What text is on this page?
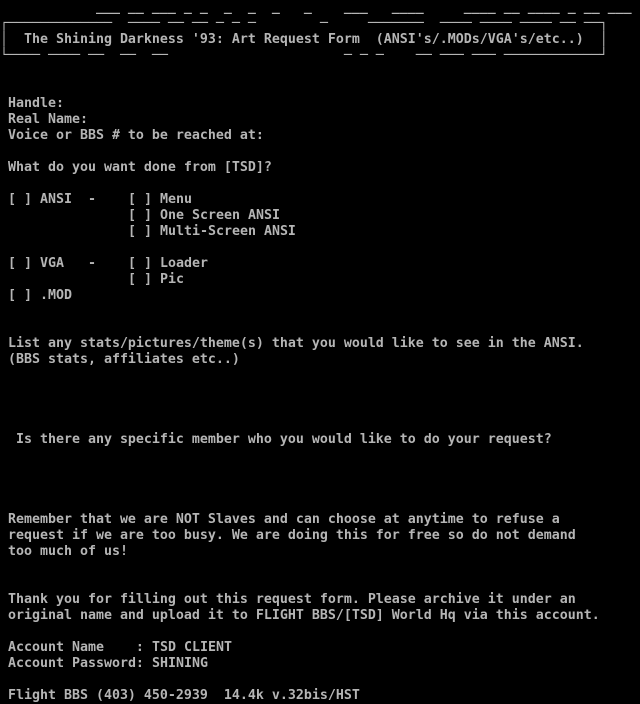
___ __ ___ _ _  _  _  _   _    ___   ____     ____ __ ____ _ __ ___
┌─────────────  ──── ── ── ─ ─ ─        ─     ───────  ──── ──── ──── ── ──┐
│  The Shining Darkness '93: Art Request Form  (ANSI's/.MODs/VGA's/etc..)  │
└──── ──── ──  ──  ──                      ─ ─ ─    ── ─── ─── ────────────┘
Handle:
Real Name:
Voice or BBS # to be reached at:
What do you want done from [TSD]?

[ ]

ANSI

-

[ ]

Menu

[ ]

One Screen ANSI

[ ]

Multi-Screen ANSI

[ ]

VGA

-

[ ]

Loader

[ ]

Pic

[ ]

.MOD

List any stats/pictures/theme(s) that you would like to see in the ANSI.
(BBS stats, affiliates etc..)
Is there any specific member who you would like to do your request?
Remember that we are NOT Slaves and can choose at anytime to refuse a
request if we are too busy. We are doing this for free so do not demand
too much of us!
Thank you for filling out this request form. Please archive it under an
original name and upload it to FLIGHT BBS/[TSD] World Hq via this account.

Account Name    :

TSD CLIENT

Account Password:

SHINING

Flight BBS (403) 450-2939  14.4k v.32bis/HST
